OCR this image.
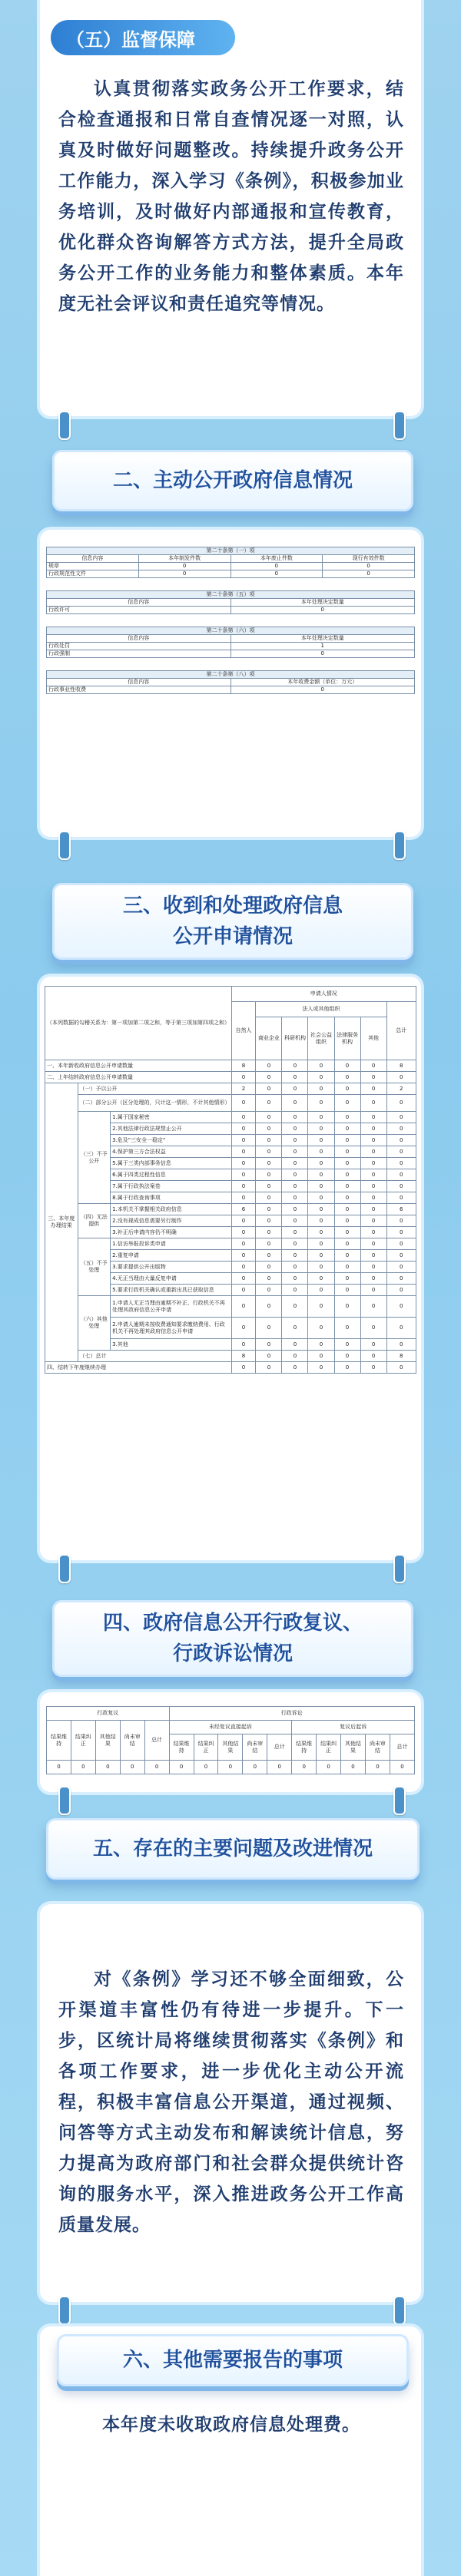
（五）监督保障
认真贯彻落实政务公开工作要求，结合检查通报和日常自查情况逐一对照，认真及时做好问题整改。持续提升政务公开工作能力，深入学习《条例》，积极参加业务培训，及时做好内部通报和宣传教育，优化群众咨询解答方式方法，提升全局政务公开工作的业务能力和整体素质。本年度无社会评议和责任追究等情况。
二、主动公开政府信息情况
第二十条第（一）项			
信息内容	本年制发件数	本年废止件数	现行有效件数
规章	0	0	0
行政规范性文件	0	0	0
第二十条第（五）项	
信息内容	本年处理决定数量
行政许可	0
第二十条第（六）项	
信息内容	本年处理决定数量
行政处罚	1
行政强制	0
第二十条第（八）项	
信息内容	本年收费金额（单位：万元）
行政事业性收费	0
三、收到和处理政府信息
公开申请情况
（本列数据的勾稽关系为：第一项加第二项之和，等于第三项加第四项之和）			申请人情况						
			自然人	法人或其他组织					总计
				商业企业	科研机构	社会公益组织	法律服务机构	其他	
一、本年新收政府信息公开申请数量			8	0	0	0	0	0	8
二、上年结转政府信息公开申请数量			0	0	0	0	0	0	0
三、本年度办理结果	（一）予以公开		2	0	0	0	0	0	2
	（二）部分公开（区分处理的，只计这一情形，不计其他情形）		0	0	0	0	0	0	0
	（三）不予公开	1.属于国家秘密	0	0	0	0	0	0	0
		2.其他法律行政法规禁止公开	0	0	0	0	0	0	0
		3.危及"三安全一稳定"	0	0	0	0	0	0	0
		4.保护第三方合法权益	0	0	0	0	0	0	0
		5.属于三类内部事务信息	0	0	0	0	0	0	0
		6.属于四类过程性信息	0	0	0	0	0	0	0
		7.属于行政执法案卷	0	0	0	0	0	0	0
		8.属于行政查询事项	0	0	0	0	0	0	0
	（四）无法提供	1.本机关不掌握相关政府信息	6	0	0	0	0	0	6
		2.没有现成信息需要另行制作	0	0	0	0	0	0	0
		3.补正后申请内容仍不明确	0	0	0	0	0	0	0
	（五）不予处理	1.信访举报投诉类申请	0	0	0	0	0	0	0
		2.重复申请	0	0	0	0	0	0	0
		3.要求提供公开出版物	0	0	0	0	0	0	0
		4.无正当理由大量反复申请	0	0	0	0	0	0	0
		5.要求行政机关确认或重新出具已获取信息	0	0	0	0	0	0	0
	（六）其他处理	1.申请人无正当理由逾期不补正、行政机关不再处理其政府信息公开申请	0	0	0	0	0	0	0
		2.申请人逾期未按收费通知要求缴纳费用、行政机关不再处理其政府信息公开申请	0	0	0	0	0	0	0
		3.其他	0	0	0	0	0	0	0
	（七）总计		8	0	0	0	0	0	8
四、结转下年度继续办理			0	0	0	0	0	0	0
四、政府信息公开行政复议、
行政诉讼情况
行政复议					行政诉讼									
结果维持	结果纠正	其他结果	尚未审结	总计	未经复议直接起诉					复议后起诉				
					结果维持	结果纠正	其他结果	尚未审结	总计	结果维持	结果纠正	其他结果	尚未审结	总计
0	0	0	0	0	0	0	0	0	0	0	0	0	0	0
五、存在的主要问题及改进情况
对《条例》学习还不够全面细致，公开渠道丰富性仍有待进一步提升。下一步，区统计局将继续贯彻落实《条例》和各项工作要求，进一步优化主动公开流程，积极丰富信息公开渠道，通过视频、问答等方式主动发布和解读统计信息，努力提高为政府部门和社会群众提供统计咨询的服务水平，深入推进政务公开工作高质量发展。
六、其他需要报告的事项
本年度未收取政府信息处理费。
